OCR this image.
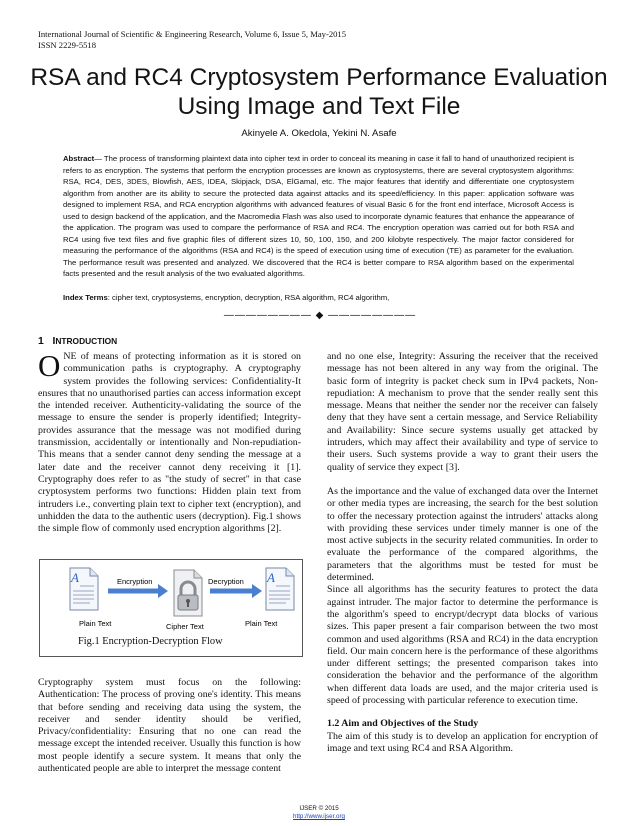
International Journal of Scientific & Engineering Research, Volume 6, Issue 5, May-2015
ISSN 2229-5518
RSA and RC4 Cryptosystem Performance Evaluation Using Image and Text File
Akinyele A. Okedola, Yekini N. Asafe
Abstract— The process of transforming plaintext data into cipher text in order to conceal its meaning in case it fall to hand of unauthorized recipient is refers to as encryption. The systems that perform the encryption processes are known as cryptosystems, there are several cryptosystem algorithms: RSA, RC4, DES, 3DES, Blowfish, AES, IDEA, Skipjack, DSA, ElGamal, etc. The major features that identify and differentiate one cryptosystem algorithm from another are its ability to secure the protected data against attacks and its speed/efficiency. In this paper: application software was designed to implement RSA, and RCA encryption algorithms with advanced features of visual Basic 6 for the front end interface, Microsoft Access is used to design backend of the application, and the Macromedia Flash was also used to incorporate dynamic features that enhance the appearance of the application. The program was used to compare the performance of RSA and RC4. The encryption operation was carried out for both RSA and RC4 using five text files and five graphic files of different sizes 10, 50, 100, 150, and 200 kilobyte respectively. The major factor considered for measuring the performance of the algorithms (RSA and RC4) is the speed of execution using time of execution (TE) as parameter for the evaluation. The performance result was presented and analyzed. We discovered that the RC4 is better compare to RSA algorithm based on the experimental facts presented and the result analysis of the two evaluated algorithms.
Index Terms: cipher text, cryptosystems, encryption, decryption, RSA algorithm, RC4 algorithm,
———————— ◆ ————————
1 INTRODUCTION
ONE of means of protecting information as it is stored on communication paths is cryptography. A cryptography system provides the following services: Confidentiality-It ensures that no unauthorised parties can access information except the intended receiver. Authenticity-validating the source of the message to ensure the sender is properly identified; Integrity-provides assurance that the message was not modified during transmission, accidentally or intentionally and Non-repudiation-This means that a sender cannot deny sending the message at a later date and the receiver cannot deny receiving it [1]. Cryptography does refer to as "the study of secret" in that case cryptosystem performs two functions: Hidden plain text from intruders i.e., converting plain text to cipher text (encryption), and unhidden the data to the authentic users (decryption). Fig.1 shows the simple flow of commonly used encryption algorithms [2].
A	A
Encryption	Decryption
Plain Text	Cipher Text	Plain Text
Fig.1 Encryption-Decryption Flow
Cryptography system must focus on the following: Authentication: The process of proving one's identity. This means that before sending and receiving data using the system, the receiver and sender identity should be verified, Privacy/confidentiality: Ensuring that no one can read the message except the intended receiver. Usually this function is how most people identify a secure system. It means that only the authenticated people are able to interpret the message content

and no one else, Integrity: Assuring the receiver that the received message has not been altered in any way from the original. The basic form of integrity is packet check sum in IPv4 packets, Non-repudiation: A mechanism to prove that the sender really sent this message. Means that neither the sender nor the receiver can falsely deny that they have sent a certain message, and Service Reliability and Availability: Since secure systems usually get attacked by intruders, which may affect their availability and type of service to their users. Such systems provide a way to grant their users the quality of service they expect [3].

As the importance and the value of exchanged data over the Internet or other media types are increasing, the search for the best solution to offer the necessary protection against the intruders' attacks along with providing these services under timely manner is one of the most active subjects in the security related communities. In order to evaluate the performance of the compared algorithms, the parameters that the algorithms must be tested for must be determined.

Since all algorithms has the security features to protect the data against intruder. The major factor to determine the performance is the algorithm's speed to encrypt/decrypt data blocks of various sizes. This paper present a fair comparison between the two most common and used algorithms (RSA and RC4) in the data encryption field. Our main concern here is the performance of these algorithms under different settings; the presented comparison takes into consideration the behavior and the performance of the algorithm when different data loads are used, and the major criteria used is speed of processing with particular reference to execution time.

1.2 Aim and Objectives of the Study

The aim of this study is to develop an application for encryption of image and text using RC4 and RSA Algorithm.

IJSER © 2015
http://www.ijser.org
